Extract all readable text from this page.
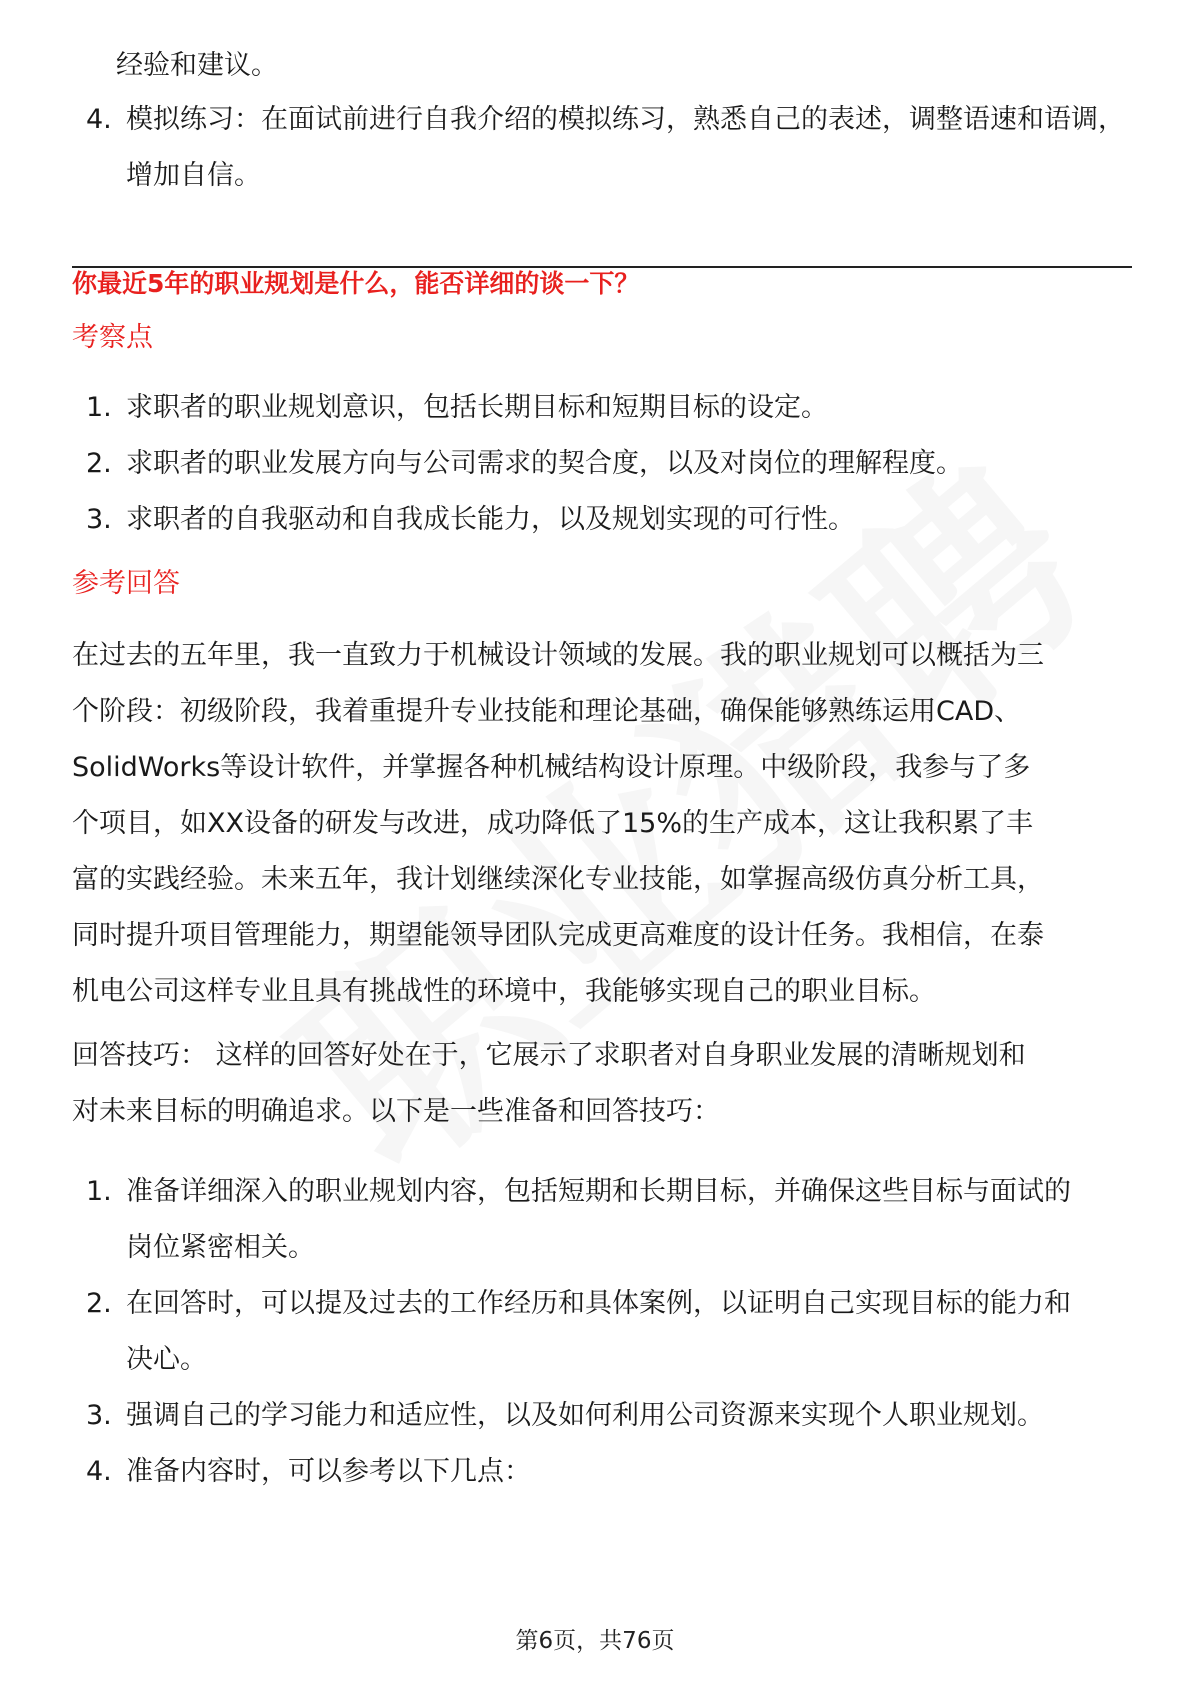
经验和建议。
4. 模拟练习：在面试前进行自我介绍的模拟练习，熟悉自己的表述，调整语速和语调，增加自信。

你最近5年的职业规划是什么，能否详细的谈一下？

考察点

1. 求职者的职业规划意识，包括长期目标和短期目标的设定。
2. 求职者的职业发展方向与公司需求的契合度，以及对岗位的理解程度。
3. 求职者的自我驱动和自我成长能力，以及规划实现的可行性。

参考回答

在过去的五年里，我一直致力于机械设计领域的发展。我的职业规划可以概括为三个阶段：初级阶段，我着重提升专业技能和理论基础，确保能够熟练运用CAD、SolidWorks等设计软件，并掌握各种机械结构设计原理。中级阶段，我参与了多个项目，如XX设备的研发与改进，成功降低了15%的生产成本，这让我积累了丰富的实践经验。未来五年，我计划继续深化专业技能，如掌握高级仿真分析工具，同时提升项目管理能力，期望能领导团队完成更高难度的设计任务。我相信，在泰机电公司这样专业且具有挑战性的环境中，我能够实现自己的职业目标。

回答技巧： 这样的回答好处在于，它展示了求职者对自身职业发展的清晰规划和对未来目标的明确追求。以下是一些准备和回答技巧：

1. 准备详细深入的职业规划内容，包括短期和长期目标，并确保这些目标与面试的岗位紧密相关。
2. 在回答时，可以提及过去的工作经历和具体案例，以证明自己实现目标的能力和决心。
3. 强调自己的学习能力和适应性，以及如何利用公司资源来实现个人职业规划。
4. 准备内容时，可以参考以下几点：
第6页，共76页
